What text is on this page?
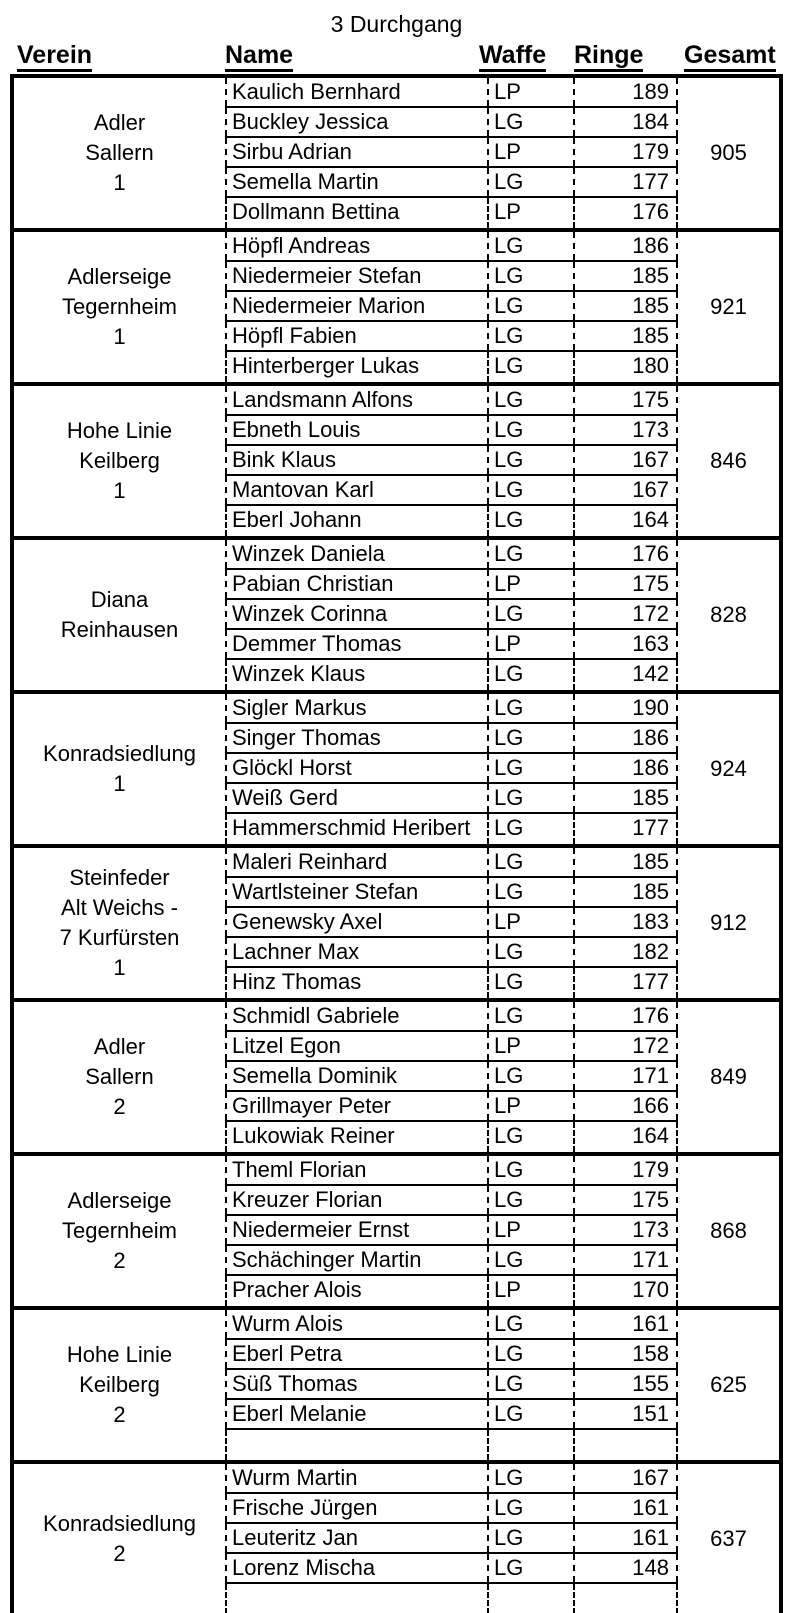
3 Durchgang
Verein	Name	Waffe	Ringe	Gesamt
Adler
Sallern
1
Kaulich Bernhard	LP	189
Buckley Jessica	LG	184
Sirbu Adrian	LP	179
Semella Martin	LG	177
Dollmann Bettina	LP	176
905
Adlerseige
Tegernheim
1
Höpfl Andreas	LG	186
Niedermeier Stefan	LG	185
Niedermeier Marion	LG	185
Höpfl Fabien	LG	185
Hinterberger Lukas	LG	180
921
Hohe Linie
Keilberg
1
Landsmann Alfons	LG	175
Ebneth Louis	LG	173
Bink Klaus	LG	167
Mantovan Karl	LG	167
Eberl Johann	LG	164
846
Diana
Reinhausen
Winzek Daniela	LG	176
Pabian Christian	LP	175
Winzek Corinna	LG	172
Demmer Thomas	LP	163
Winzek Klaus	LG	142
828
Konradsiedlung
1
Sigler Markus	LG	190
Singer Thomas	LG	186
Glöckl Horst	LG	186
Weiß Gerd	LG	185
Hammerschmid Heribert	LG	177
924
Steinfeder
Alt Weichs -
7 Kurfürsten
1
Maleri Reinhard	LG	185
Wartlsteiner Stefan	LG	185
Genewsky Axel	LP	183
Lachner Max	LG	182
Hinz Thomas	LG	177
912
Adler
Sallern
2
Schmidl Gabriele	LG	176
Litzel Egon	LP	172
Semella Dominik	LG	171
Grillmayer Peter	LP	166
Lukowiak Reiner	LG	164
849
Adlerseige
Tegernheim
2
Theml Florian	LG	179
Kreuzer Florian	LG	175
Niedermeier Ernst	LP	173
Schächinger Martin	LG	171
Pracher Alois	LP	170
868
Hohe Linie
Keilberg
2
Wurm Alois	LG	161
Eberl Petra	LG	158
Süß Thomas	LG	155
Eberl Melanie	LG	151
625
Konradsiedlung
2
Wurm Martin	LG	167
Frische Jürgen	LG	161
Leuteritz Jan	LG	161
Lorenz Mischa	LG	148
637
